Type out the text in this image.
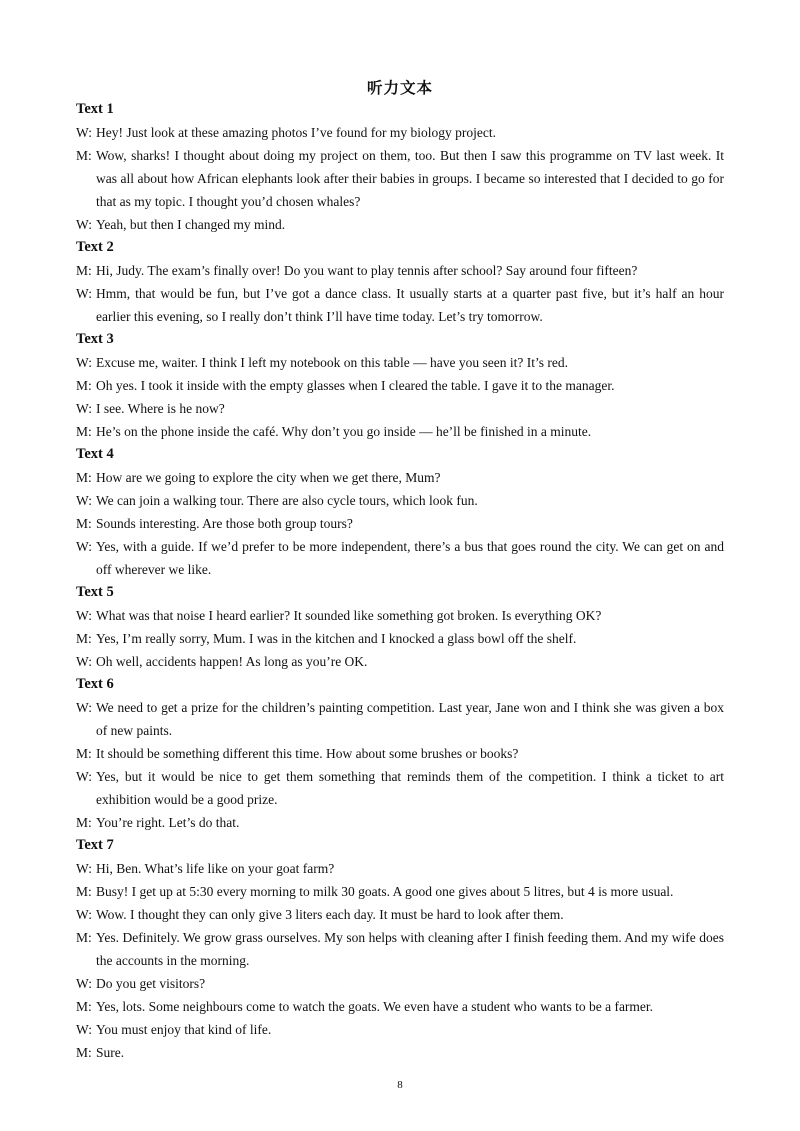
听力文本
Text 1
W : Hey! Just look at these amazing photos I’ve found for my biology project.
M : Wow, sharks! I thought about doing my project on them, too. But then I saw this programme on TV last week. It was all about how African elephants look after their babies in groups. I became so interested that I decided to go for that as my topic. I thought you’d chosen whales?
W : Yeah, but then I changed my mind.
Text 2
M : Hi, Judy. The exam’s finally over! Do you want to play tennis after school? Say around four fifteen?
W : Hmm, that would be fun, but I’ve got a dance class. It usually starts at a quarter past five, but it’s half an hour earlier this evening, so I really don’t think I’ll have time today. Let’s try tomorrow.
Text 3
W : Excuse me, waiter. I think I left my notebook on this table — have you seen it? It’s red.
M : Oh yes. I took it inside with the empty glasses when I cleared the table. I gave it to the manager.
W : I see. Where is he now?
M : He’s on the phone inside the café. Why don’t you go inside — he’ll be finished in a minute.
Text 4
M : How are we going to explore the city when we get there, Mum?
W : We can join a walking tour. There are also cycle tours, which look fun.
M : Sounds interesting. Are those both group tours?
W : Yes, with a guide. If we’d prefer to be more independent, there’s a bus that goes round the city. We can get on and off wherever we like.
Text 5
W : What was that noise I heard earlier? It sounded like something got broken. Is everything OK?
M : Yes, I’m really sorry, Mum. I was in the kitchen and I knocked a glass bowl off the shelf.
W : Oh well, accidents happen! As long as you’re OK.
Text 6
W : We need to get a prize for the children’s painting competition. Last year, Jane won and I think she was given a box of new paints.
M : It should be something different this time. How about some brushes or books?
W : Yes, but it would be nice to get them something that reminds them of the competition. I think a ticket to art exhibition would be a good prize.
M : You’re right. Let’s do that.
Text 7
W : Hi, Ben. What’s life like on your goat farm?
M : Busy! I get up at 5:30 every morning to milk 30 goats. A good one gives about 5 litres, but 4 is more usual.
W : Wow. I thought they can only give 3 liters each day. It must be hard to look after them.
M : Yes. Definitely. We grow grass ourselves. My son helps with cleaning after I finish feeding them. And my wife does the accounts in the morning.
W : Do you get visitors?
M : Yes, lots. Some neighbours come to watch the goats. We even have a student who wants to be a farmer.
W : You must enjoy that kind of life.
M : Sure.
8
